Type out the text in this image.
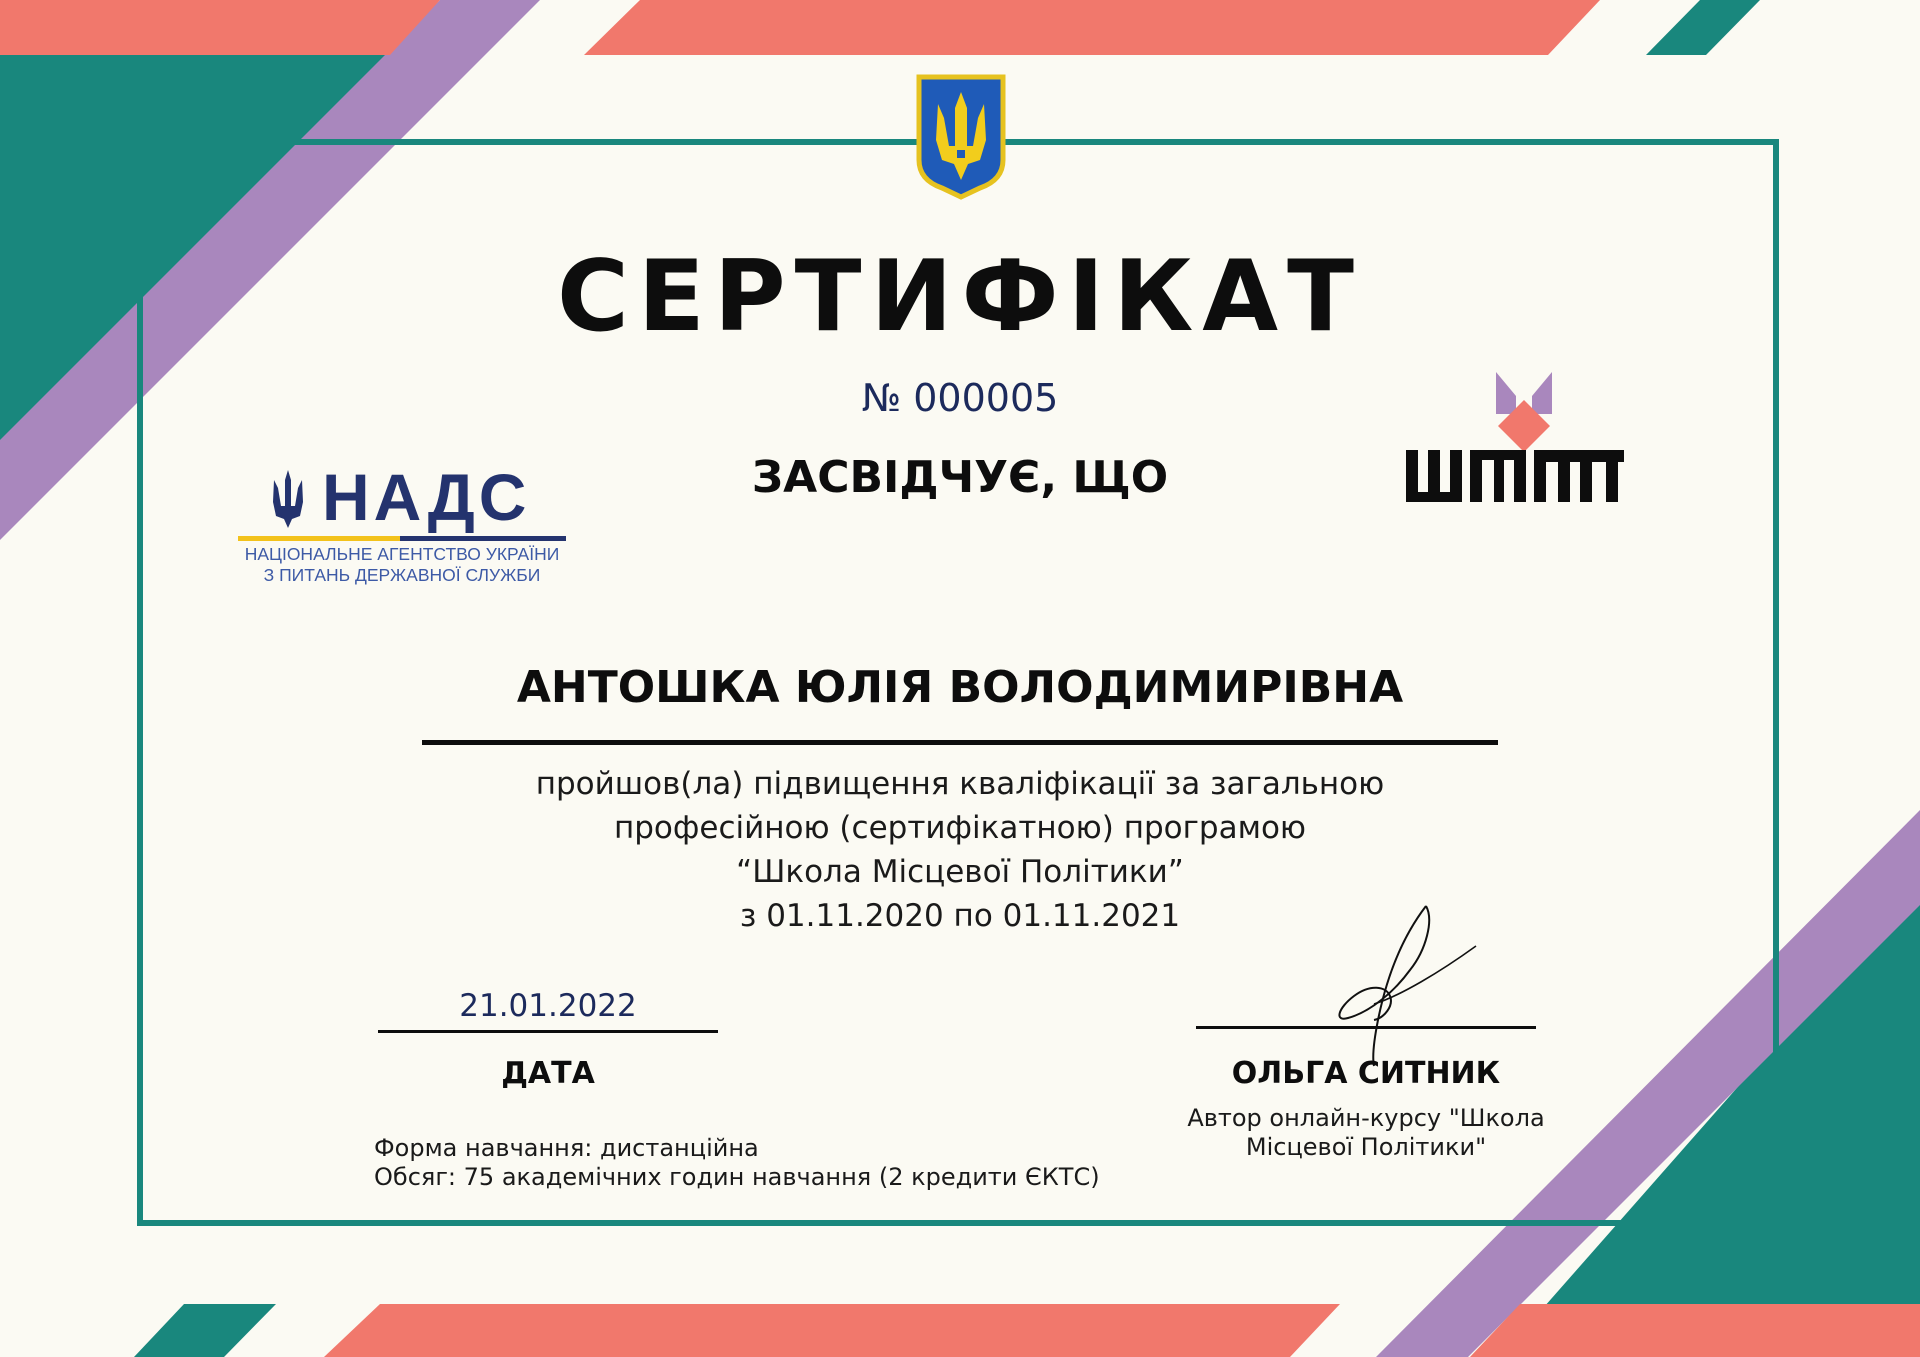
СЕРТИФІКАТ
№ 000005
ЗАСВІДЧУЄ, ЩО
НАДС
НАЦІОНАЛЬНЕ АГЕНТСТВО УКРАЇНИ
З ПИТАНЬ ДЕРЖАВНОЇ СЛУЖБИ
АНТОШКА ЮЛІЯ ВОЛОДИМИРІВНА
пройшов(ла) підвищення кваліфікації за загальною
професійною (сертифікатною) програмою
“Школа Місцевої Політики”
з 01.11.2020 по 01.11.2021
21.01.2022
ДАТА	ОЛЬГА СИТНИК
Автор онлайн-курсу "Школа
Місцевої Політики"
Форма навчання: дистанційна
Обсяг: 75 академічних годин навчання (2 кредити ЄКТС)
